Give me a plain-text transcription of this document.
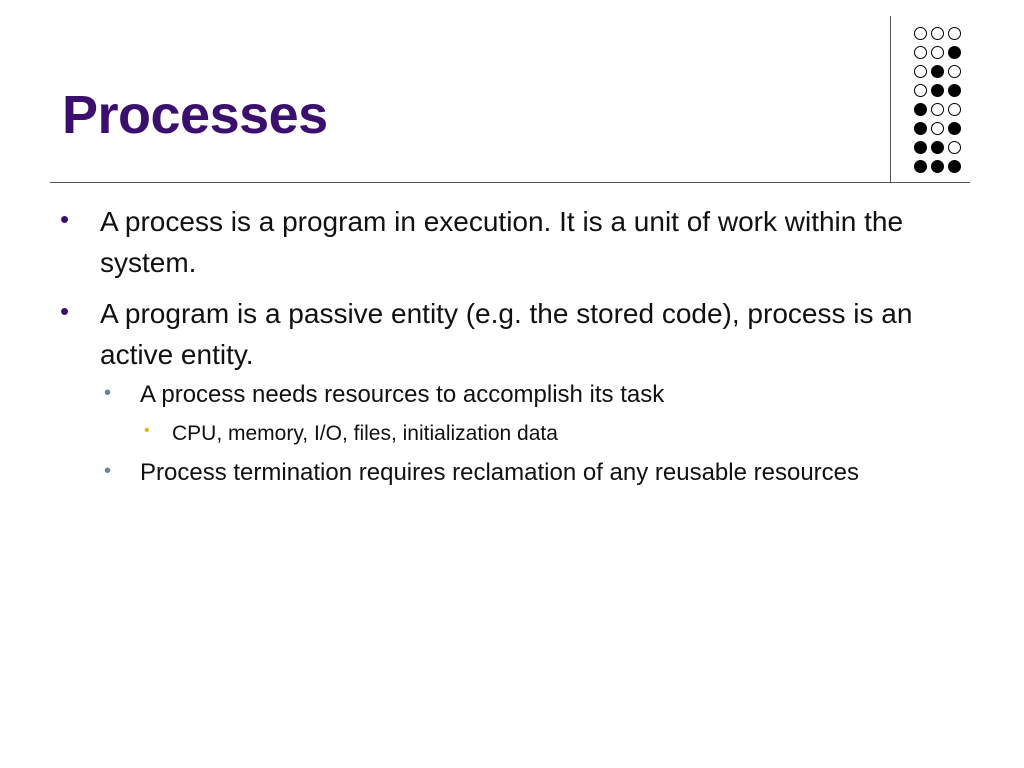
Processes
• A process is a program in execution. It is a unit of work within the system.
• A program is a passive entity (e.g. the stored code), process is an active entity.
• A process needs resources to accomplish its task
• CPU, memory, I/O, files, initialization data
• Process termination requires reclamation of any reusable resources
